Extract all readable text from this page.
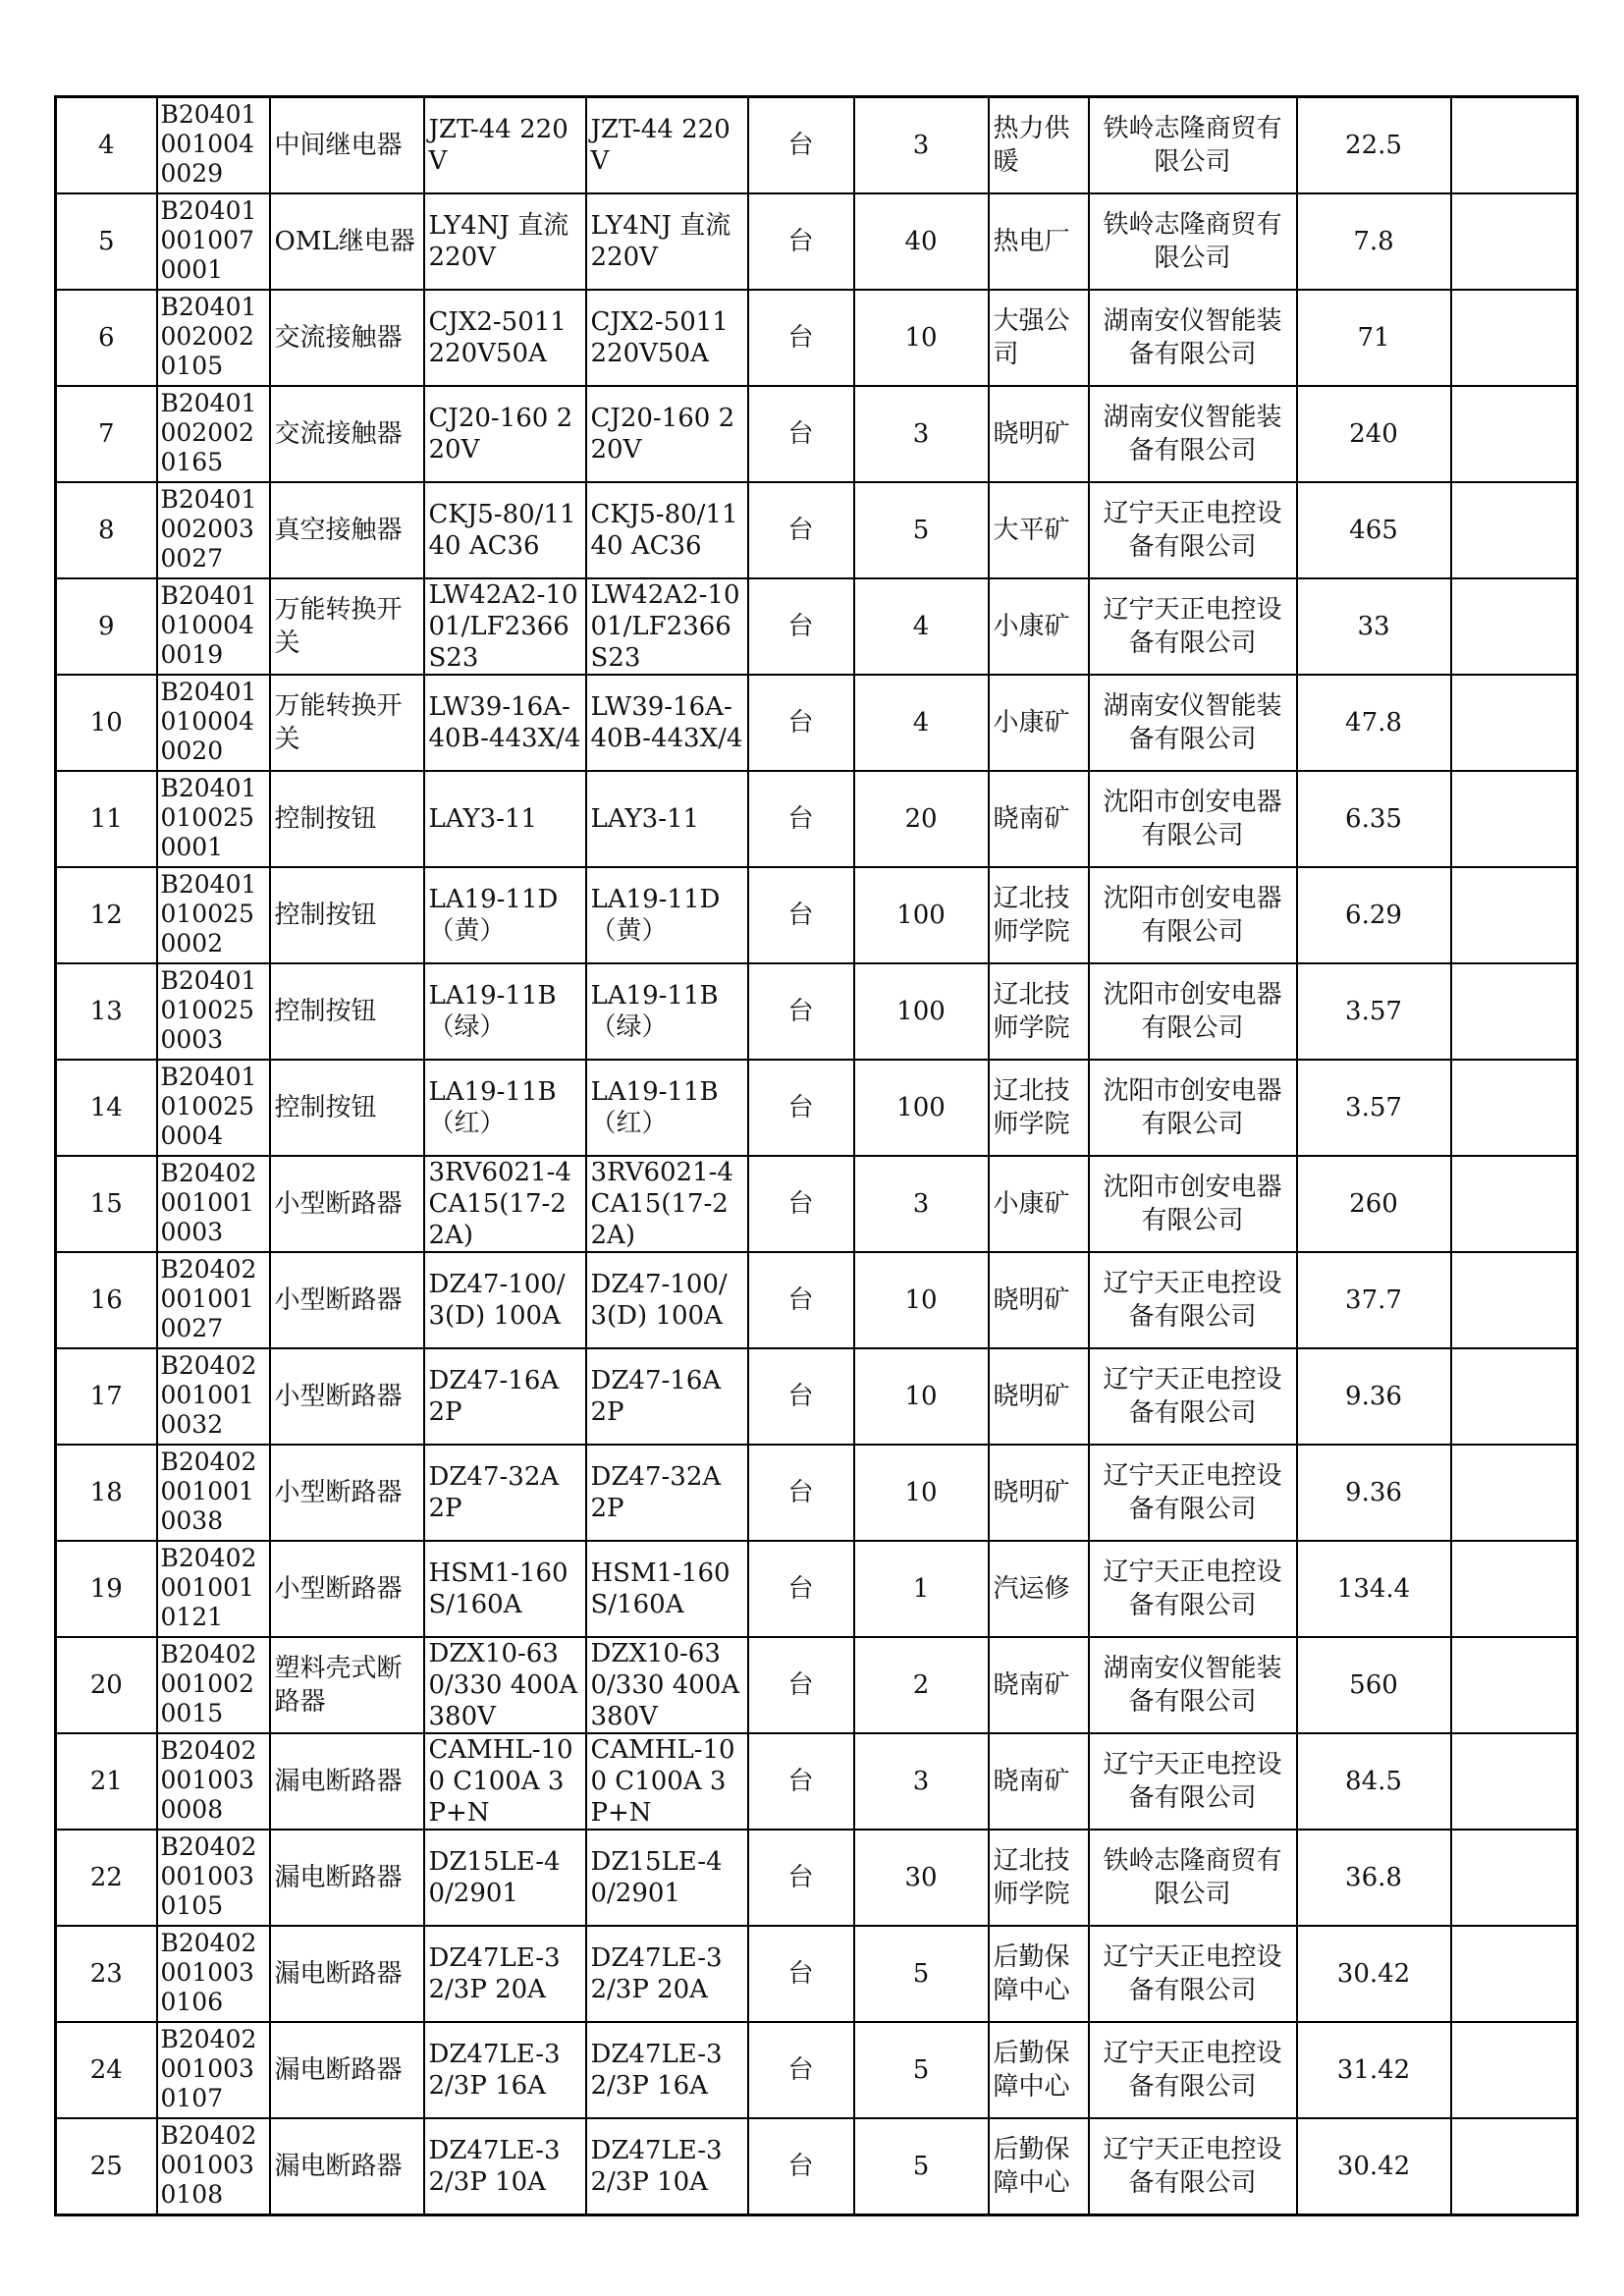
4	B204010010040029	中间继电器	JZT-44 220V	JZT-44 220V	台	3	热力供暖	铁岭志隆商贸有限公司	22.5	
5	B204010010070001	OML继电器	LY4NJ 直流220V	LY4NJ 直流220V	台	40	热电厂	铁岭志隆商贸有限公司	7.8	
6	B204010020020105	交流接触器	CJX2-5011 220V50A	CJX2-5011 220V50A	台	10	大强公司	湖南安仪智能装备有限公司	71	
7	B204010020020165	交流接触器	CJ20-160 220V	CJ20-160 220V	台	3	晓明矿	湖南安仪智能装备有限公司	240	
8	B204010020030027	真空接触器	CKJ5-80/1140 AC36	CKJ5-80/1140 AC36	台	5	大平矿	辽宁天正电控设备有限公司	465	
9	B204010100040019	万能转换开关	LW42A2-1001/LF2366S23	LW42A2-1001/LF2366S23	台	4	小康矿	辽宁天正电控设备有限公司	33	
10	B204010100040020	万能转换开关	LW39-16A-40B-443X/4	LW39-16A-40B-443X/4	台	4	小康矿	湖南安仪智能装备有限公司	47.8	
11	B204010100250001	控制按钮	LAY3-11	LAY3-11	台	20	晓南矿	沈阳市创安电器有限公司	6.35	
12	B204010100250002	控制按钮	LA19-11D（黄）	LA19-11D（黄）	台	100	辽北技师学院	沈阳市创安电器有限公司	6.29	
13	B204010100250003	控制按钮	LA19-11B（绿）	LA19-11B（绿）	台	100	辽北技师学院	沈阳市创安电器有限公司	3.57	
14	B204010100250004	控制按钮	LA19-11B（红）	LA19-11B（红）	台	100	辽北技师学院	沈阳市创安电器有限公司	3.57	
15	B204020010010003	小型断路器	3RV6021-4CA15(17-22A)	3RV6021-4CA15(17-22A)	台	3	小康矿	沈阳市创安电器有限公司	260	
16	B204020010010027	小型断路器	DZ47-100/3(D) 100A	DZ47-100/3(D) 100A	台	10	晓明矿	辽宁天正电控设备有限公司	37.7	
17	B204020010010032	小型断路器	DZ47-16A 2P	DZ47-16A 2P	台	10	晓明矿	辽宁天正电控设备有限公司	9.36	
18	B204020010010038	小型断路器	DZ47-32A 2P	DZ47-32A 2P	台	10	晓明矿	辽宁天正电控设备有限公司	9.36	
19	B204020010010121	小型断路器	HSM1-160S/160A	HSM1-160S/160A	台	1	汽运修	辽宁天正电控设备有限公司	134.4	
20	B204020010020015	塑料壳式断路器	DZX10-630/330 400A 380V	DZX10-630/330 400A 380V	台	2	晓南矿	湖南安仪智能装备有限公司	560	
21	B204020010030008	漏电断路器	CAMHL-100 C100A 3P+N	CAMHL-100 C100A 3P+N	台	3	晓南矿	辽宁天正电控设备有限公司	84.5	
22	B204020010030105	漏电断路器	DZ15LE-40/2901	DZ15LE-40/2901	台	30	辽北技师学院	铁岭志隆商贸有限公司	36.8	
23	B204020010030106	漏电断路器	DZ47LE-32/3P 20A	DZ47LE-32/3P 20A	台	5	后勤保障中心	辽宁天正电控设备有限公司	30.42	
24	B204020010030107	漏电断路器	DZ47LE-32/3P 16A	DZ47LE-32/3P 16A	台	5	后勤保障中心	辽宁天正电控设备有限公司	31.42	
25	B204020010030108	漏电断路器	DZ47LE-32/3P 10A	DZ47LE-32/3P 10A	台	5	后勤保障中心	辽宁天正电控设备有限公司	30.42	
